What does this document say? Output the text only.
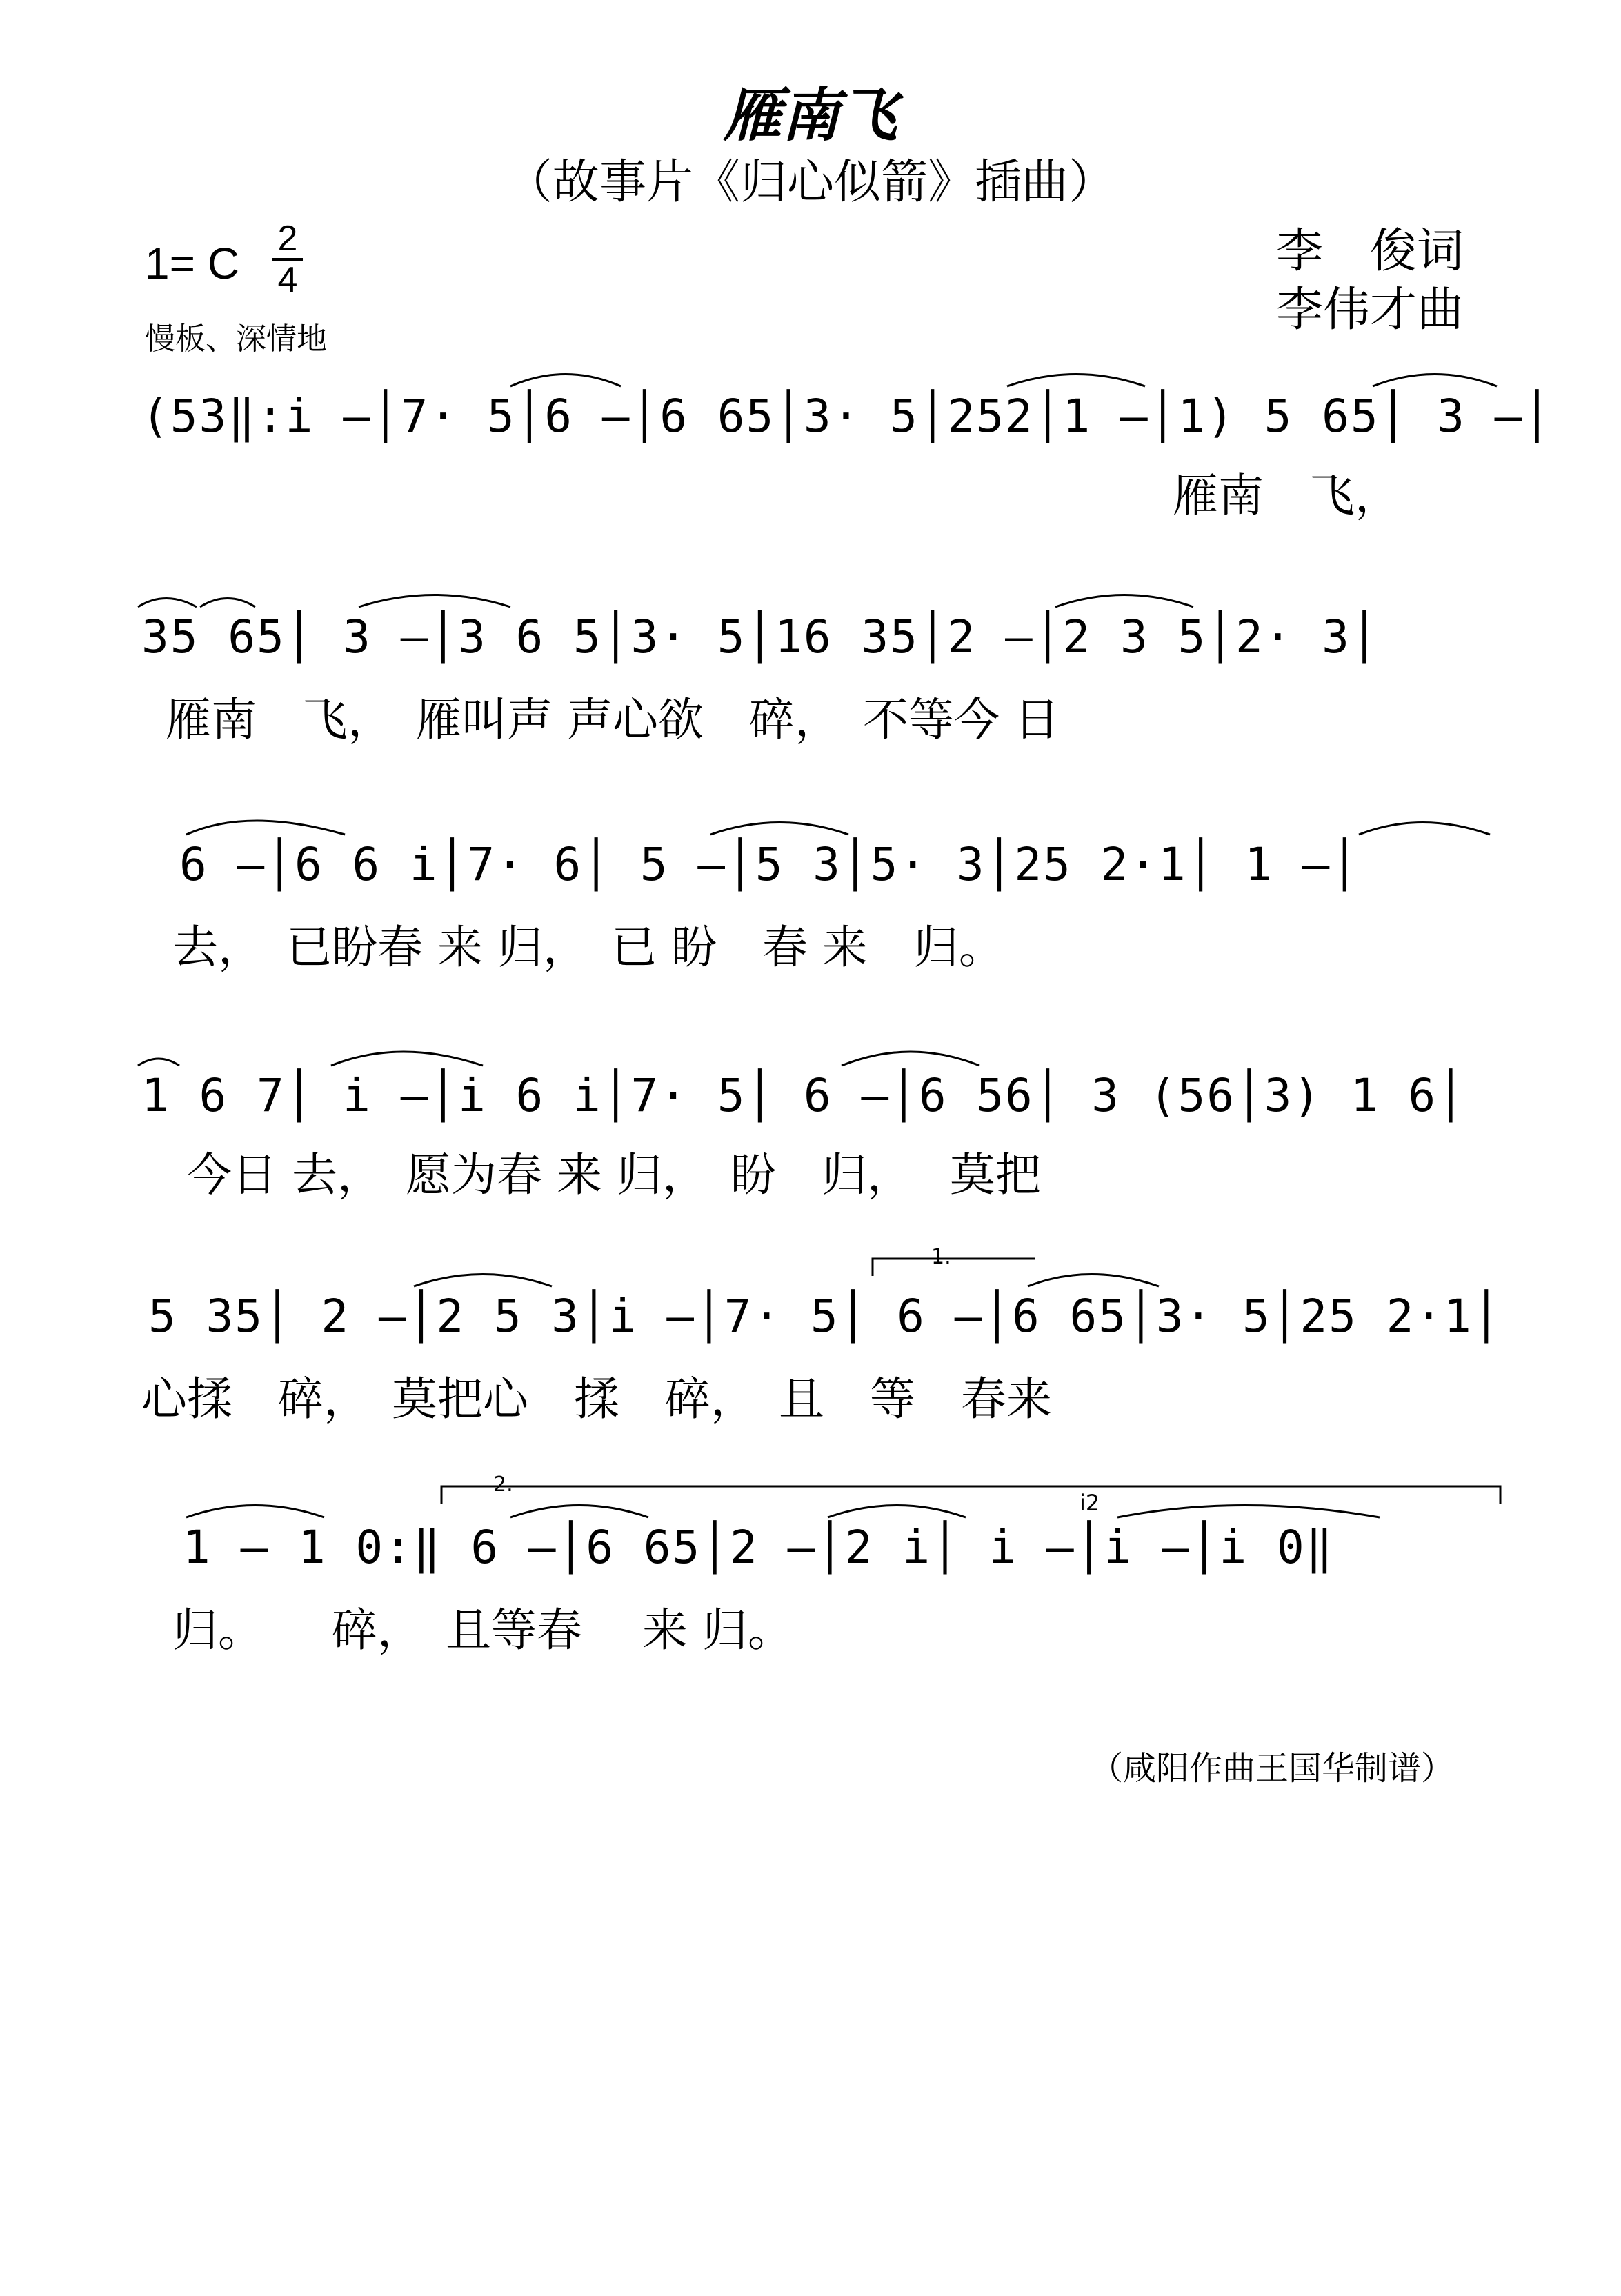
雁南飞
（故事片《归心似箭》插曲）
1= C $\frac{2}{4}$
慢板、深情地
李　俊词
李伟才曲
(53‖:i̇ –│7· 5│6 –│6 65│3· 5│252│1 –│1) 5 65│ 3 –│
雁南　飞，
35 65│ 3 –│3 6 5│3· 5│16 35│2 –│2 3 5│2· 3│
雁南　飞，　雁叫声 声心欲　碎，　不等今 日
6 –│6 6 i̇│7· 6│ 5 –│5 3│5· 3│25 2·1│ 1 –│
去，　已盼春 来 归，　已 盼　春 来　归。
1 6 7│ i̇ –│i̇ 6 i̇│7· 5│ 6 –│6 56│ 3 (56│3) 1 6│
今日 去，　愿为春 来 归，　盼　归，　 莫把
5 35│ 2 –│2 5 3│i̇ –│7· 5│ 6 –│6 65│3· 5│25 2·1│
心揉　碎，　莫把心　揉　碎，　且　等　春来
1.
1 – 1 0:‖ 6 –│6 65│2 –│2 i̇│ i̇ –│i̇ –│i̇ 0‖
归。　　碎，　且等春　 来 归。
2.
i̇2
（咸阳作曲王国华制谱）
